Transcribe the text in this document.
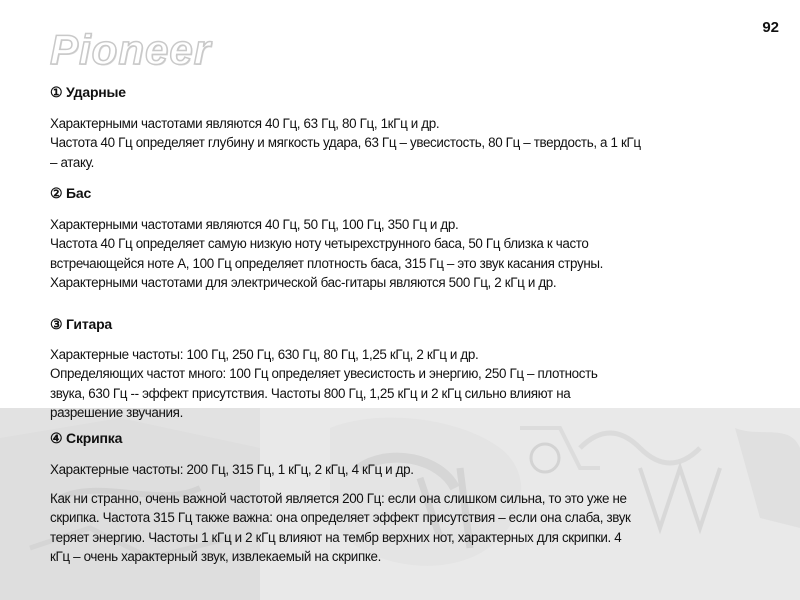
Pioneer	92
① Ударные
Характерными частотами являются 40 Гц, 63 Гц, 80 Гц, 1кГц и др.
Частота 40 Гц определяет глубину и мягкость удара, 63 Гц – увесистость, 80 Гц – твердость, а 1 кГц
– атаку.
② Бас
Характерными частотами являются 40 Гц, 50 Гц, 100 Гц, 350 Гц и др.
Частота 40 Гц определяет самую низкую ноту четырехструнного баса, 50 Гц близка к часто
встречающейся ноте A, 100 Гц определяет плотность баса, 315 Гц – это звук касания струны.
Характерными частотами для электрической бас-гитары являются 500 Гц, 2 кГц и др.
③ Гитара
Характерные частоты: 100 Гц, 250 Гц, 630 Гц, 80 Гц, 1,25 кГц, 2 кГц и др.
Определяющих частот много: 100 Гц определяет увесистость и энергию, 250 Гц – плотность
звука, 630 Гц -- эффект присутствия. Частоты 800 Гц, 1,25 кГц и 2 кГц сильно влияют на
разрешение звучания.
④ Скрипка
Характерные частоты: 200 Гц, 315 Гц, 1 кГц, 2 кГц, 4 кГц и др.
Как ни странно, очень важной частотой является 200 Гц: если она слишком сильна, то это уже не
скрипка. Частота 315 Гц также важна: она определяет эффект присутствия – если она слаба, звук
теряет энергию. Частоты 1 кГц и 2 кГц влияют на тембр верхних нот, характерных для скрипки. 4
кГц – очень характерный звук, извлекаемый на скрипке.
